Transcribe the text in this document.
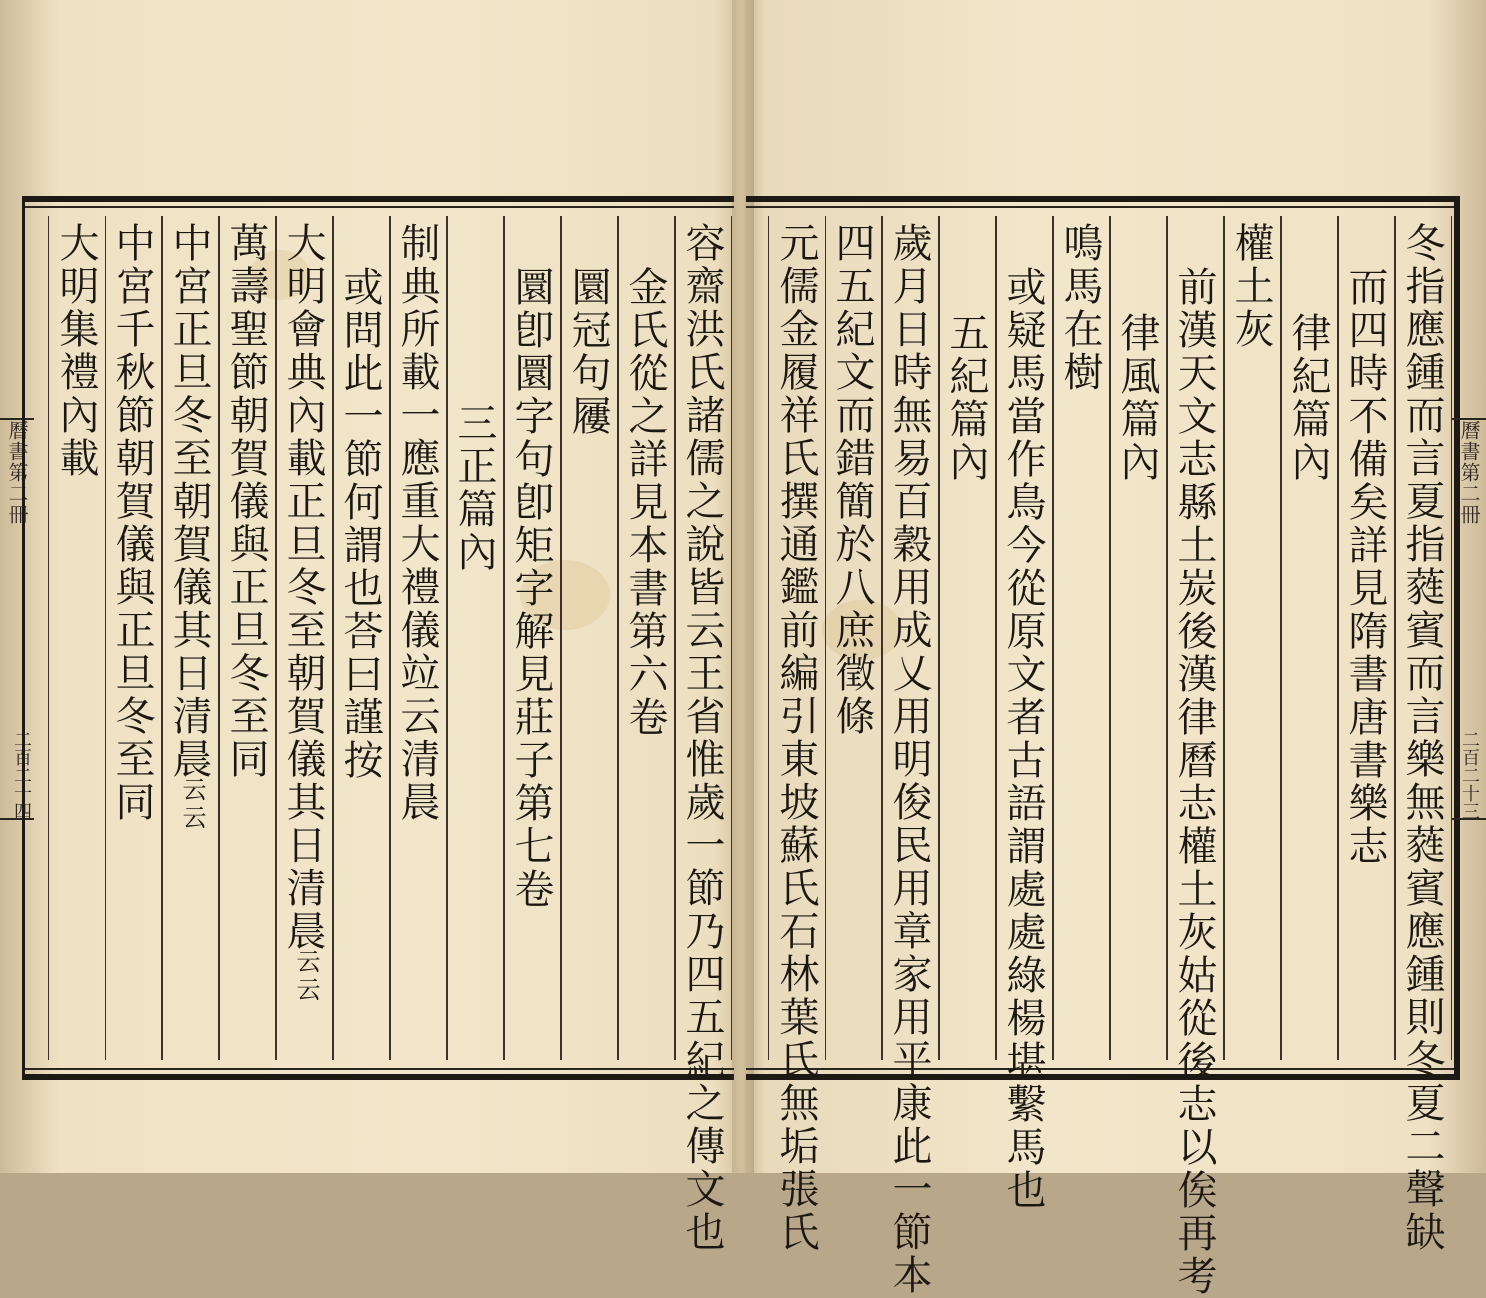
曆書第二冊
二百二十四	容齋洪氏諸儒之說皆云王省惟歲一節乃四五紀之傳文也
金氏從之詳見本書第六卷
圜冠句屨
圜卽圜字句卽矩字解見莊子第七卷
三正篇內
制典所載一應重大禮儀竝云清晨
或問此一節何謂也荅曰謹按
大明會典內載正旦冬至朝賀儀其日清晨
云云
萬壽聖節朝賀儀與正旦冬至同
中宮正旦冬至朝賀儀其日清晨
云云
中宮千秋節朝賀儀與正旦冬至同
大明集禮內載	冬指應鍾而言夏指蕤賓而言樂無蕤賓應鍾則冬夏二聲缺
而四時不備矣詳見隋書唐書樂志
律紀篇內
權土灰
前漢天文志縣土炭後漢律曆志權土灰姑從後志以俟再考
律風篇內
鳴馬在樹
或疑馬當作鳥今從原文者古語謂處處綠楊堪繫馬也
五紀篇內
歲月日時無易百穀用成乂用明俊民用章家用平康此一節本
四五紀文而錯簡於八庶徵條
元儒金履祥氏撰通鑑前編引東坡蘇氏石林葉氏無垢張氏	曆書第二冊
二百二十三
